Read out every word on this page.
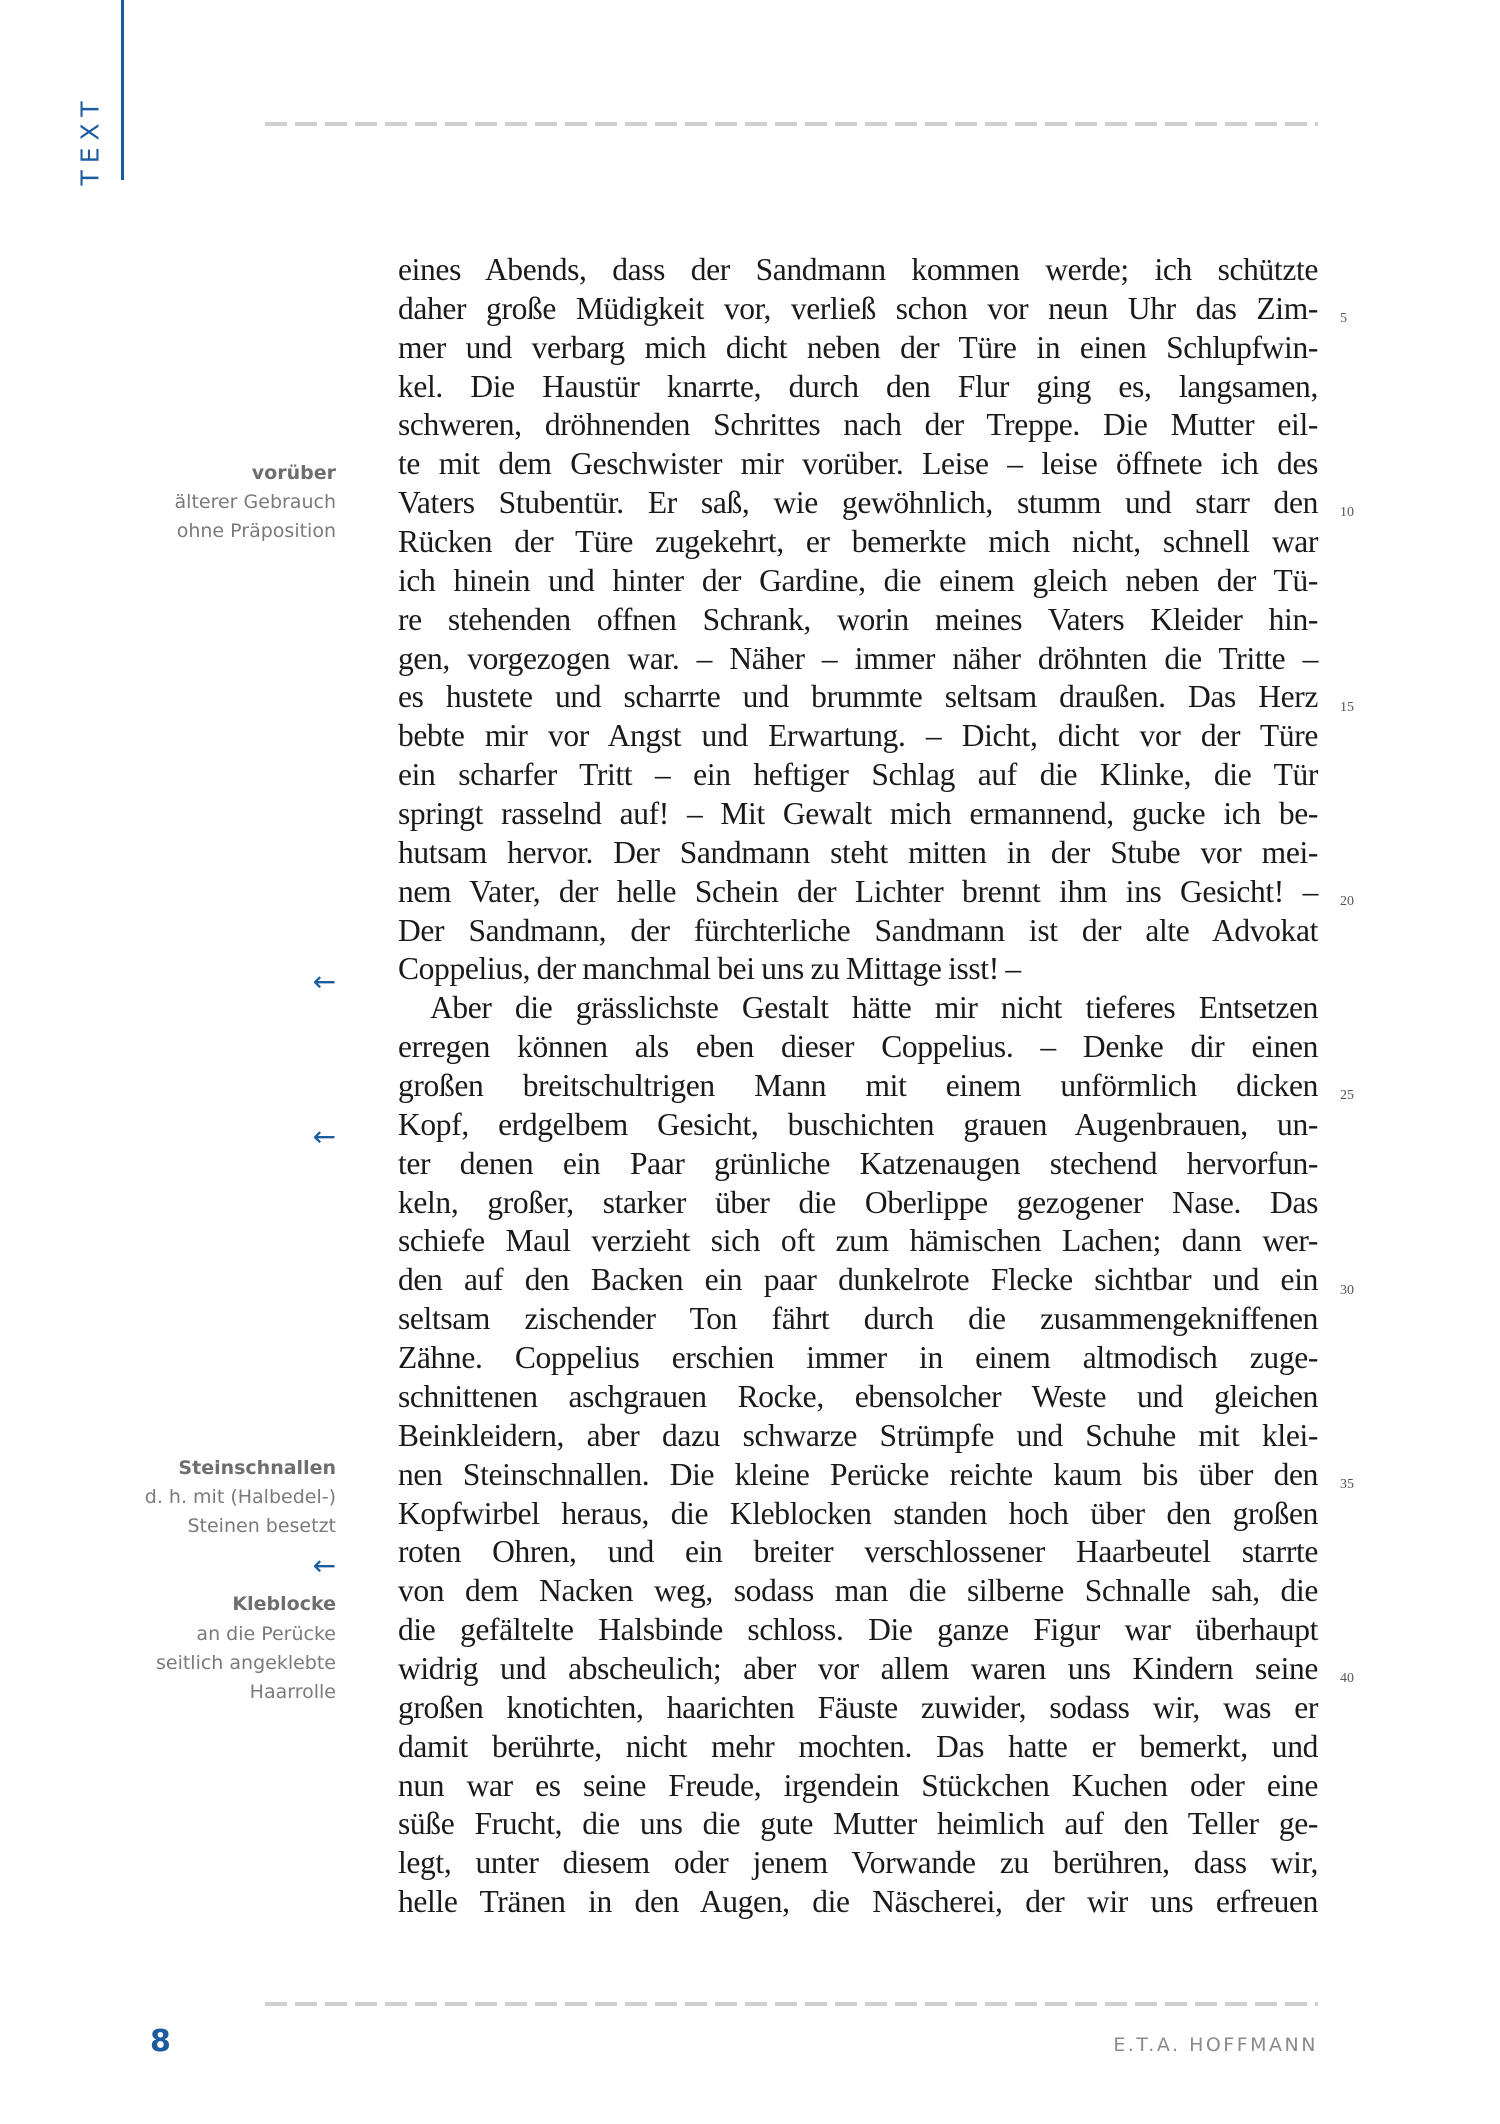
TEXT
eines Abends, dass der Sandmann kommen werde; ich schützte
daher große Müdigkeit vor, verließ schon vor neun Uhr das Zim-
mer und verbarg mich dicht neben der Türe in einen Schlupfwin-
kel. Die Haustür knarrte, durch den Flur ging es, langsamen,
schweren, dröhnenden Schrittes nach der Treppe. Die Mutter eil-
te mit dem Geschwister mir vorüber. Leise – leise öffnete ich des
Vaters Stubentür. Er saß, wie gewöhnlich, stumm und starr den
Rücken der Türe zugekehrt, er bemerkte mich nicht, schnell war
ich hinein und hinter der Gardine, die einem gleich neben der Tü-
re stehenden offnen Schrank, worin meines Vaters Kleider hin-
gen, vorgezogen war. – Näher – immer näher dröhnten die Tritte –
es hustete und scharrte und brummte seltsam draußen. Das Herz
bebte mir vor Angst und Erwartung. – Dicht, dicht vor der Türe
ein scharfer Tritt – ein heftiger Schlag auf die Klinke, die Tür
springt rasselnd auf! – Mit Gewalt mich ermannend, gucke ich be-
hutsam hervor. Der Sandmann steht mitten in der Stube vor mei-
nem Vater, der helle Schein der Lichter brennt ihm ins Gesicht! –
Der Sandmann, der fürchterliche Sandmann ist der alte Advokat
Coppelius, der manchmal bei uns zu Mittage isst! –
Aber die grässlichste Gestalt hätte mir nicht tieferes Entsetzen
erregen können als eben dieser Coppelius. – Denke dir einen
großen breitschultrigen Mann mit einem unförmlich dicken
Kopf, erdgelbem Gesicht, buschichten grauen Augenbrauen, un-
ter denen ein Paar grünliche Katzenaugen stechend hervorfun-
keln, großer, starker über die Oberlippe gezogener Nase. Das
schiefe Maul verzieht sich oft zum hämischen Lachen; dann wer-
den auf den Backen ein paar dunkelrote Flecke sichtbar und ein
seltsam zischender Ton fährt durch die zusammengekniffenen
Zähne. Coppelius erschien immer in einem altmodisch zuge-
schnittenen aschgrauen Rocke, ebensolcher Weste und gleichen
Beinkleidern, aber dazu schwarze Strümpfe und Schuhe mit klei-
nen Steinschnallen. Die kleine Perücke reichte kaum bis über den
Kopfwirbel heraus, die Kleblocken standen hoch über den großen
roten Ohren, und ein breiter verschlossener Haarbeutel starrte
von dem Nacken weg, sodass man die silberne Schnalle sah, die
die gefältelte Halsbinde schloss. Die ganze Figur war überhaupt
widrig und abscheulich; aber vor allem waren uns Kindern seine
großen knotichten, haarichten Fäuste zuwider, sodass wir, was er
damit berührte, nicht mehr mochten. Das hatte er bemerkt, und
nun war es seine Freude, irgendein Stückchen Kuchen oder eine
süße Frucht, die uns die gute Mutter heimlich auf den Teller ge-
legt, unter diesem oder jenem Vorwande zu berühren, dass wir,
helle Tränen in den Augen, die Näscherei, der wir uns erfreuen
5
10
15
20
25
30
35
40
vorüber
älterer Gebrauch
ohne Präposition
←
←
Steinschnallen
d. h. mit (Halbedel-)
Steinen besetzt
←
Kleblocke
an die Perücke
seitlich angeklebte
Haarrolle
8	E.T.A. HOFFMANN
